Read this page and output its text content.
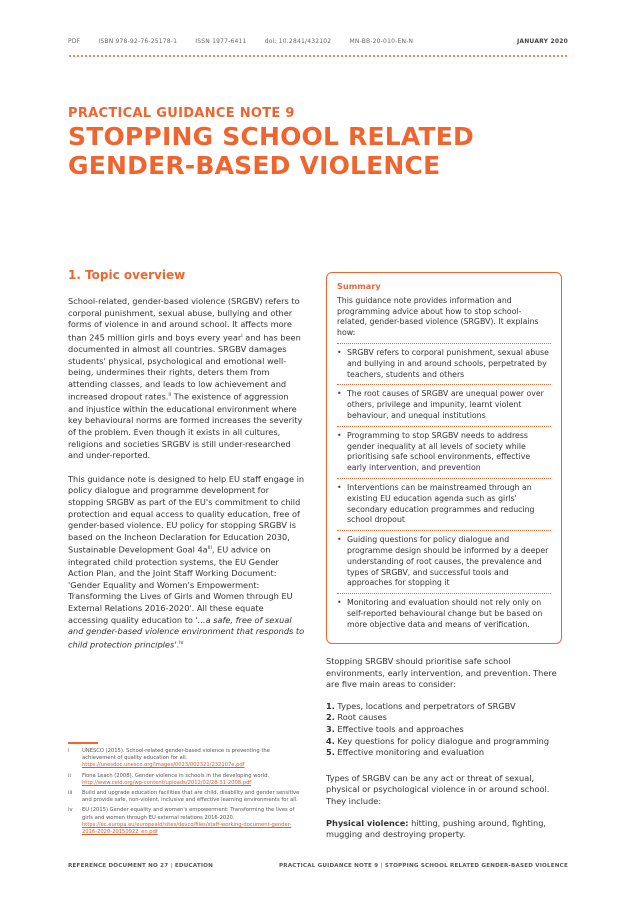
PDF	ISBN 978-92-76-25178-1	ISSN 1977-6411	doi: 10.2841/432102	MN-BB-20-010-EN-N	JANUARY 2020
PRACTICAL GUIDANCE NOTE 9
STOPPING SCHOOL RELATED
GENDER-BASED VIOLENCE
1. Topic overview

School-related, gender-based violence (SRGBV) refers to corporal punishment, sexual abuse, bullying and other forms of violence in and around school. It affects more than 245 million girls and boys every year$^i$ and has been documented in almost all countries. SRGBV damages students' physical, psychological and emotional well-being, undermines their rights, deters them from attending classes, and leads to low achievement and increased dropout rates.$^{ii}$ The existence of aggression and injustice within the educational environment where key behavioural norms are formed increases the severity of the problem. Even though it exists in all cultures, religions and societies SRGBV is still under-researched and under-reported.

This guidance note is designed to help EU staff engage in policy dialogue and programme development for stopping SRGBV as part of the EU's commitment to child protection and equal access to quality education, free of gender-based violence. EU policy for stopping SRGBV is based on the Incheon Declaration for Education 2030, Sustainable Development Goal $4a^{iii}$, EU advice on integrated child protection systems, the EU Gender Action Plan, and the Joint Staff Working Document: 'Gender Equality and Women's Empowerment: Transforming the Lives of Girls and Women through EU External Relations 2016-2020'. All these equate accessing quality education to '...a safe, free of sexual and gender-based violence environment that responds to child protection principles'.$^{iv}$

i UNESCO (2015). School-related gender-based violence is preventing the achievement of quality education for all. https://unesdoc.unesco.org/images/0023/002321/232107e.pdf
ii Fiona Leach (2008). Gender violence in schools in the developing world. http://www.ceid.org/wp-content/uploads/2012/02/28-31-2008.pdf
iii Build and upgrade education facilities that are child, disability and gender sensitive and provide safe, non-violent, inclusive and effective learning environments for all.
iv EU (2015) Gender equality and women's empowerment: Transforming the lives of girls and women through EU external relations 2016-2020. https://ec.europa.eu/europeaid/sites/devco/files/staff-working-document-gender-2016-2020-20150922_en.pdf
Summary

This guidance note provides information and programming advice about how to stop school-related, gender-based violence (SRGBV). It explains how:

• SRGBV refers to corporal punishment, sexual abuse and bullying in and around schools, perpetrated by teachers, students and others
• The root causes of SRGBV are unequal power over others, privilege and impunity, learnt violent behaviour, and unequal institutions
• Programming to stop SRGBV needs to address gender inequality at all levels of society while prioritising safe school environments, effective early intervention, and prevention
• Interventions can be mainstreamed through an existing EU education agenda such as girls' secondary education programmes and reducing school dropout
• Guiding questions for policy dialogue and programme design should be informed by a deeper understanding of root causes, the prevalence and types of SRGBV, and successful tools and approaches for stopping it
• Monitoring and evaluation should not rely only on self-reported behavioural change but be based on more objective data and means of verification.

Stopping SRGBV should prioritise safe school environments, early intervention, and prevention. There are five main areas to consider:

1. Types, locations and perpetrators of SRGBV
2. Root causes
3. Effective tools and approaches
4. Key questions for policy dialogue and programming
5. Effective monitoring and evaluation

Types of SRGBV can be any act or threat of sexual, physical or psychological violence in or around school. They include:

Physical violence: hitting, pushing around, fighting, mugging and destroying property.

REFERENCE DOCUMENT NO 27 | EDUCATION	PRACTICAL GUIDANCE NOTE 9 | STOPPING SCHOOL RELATED GENDER-BASED VIOLENCE
